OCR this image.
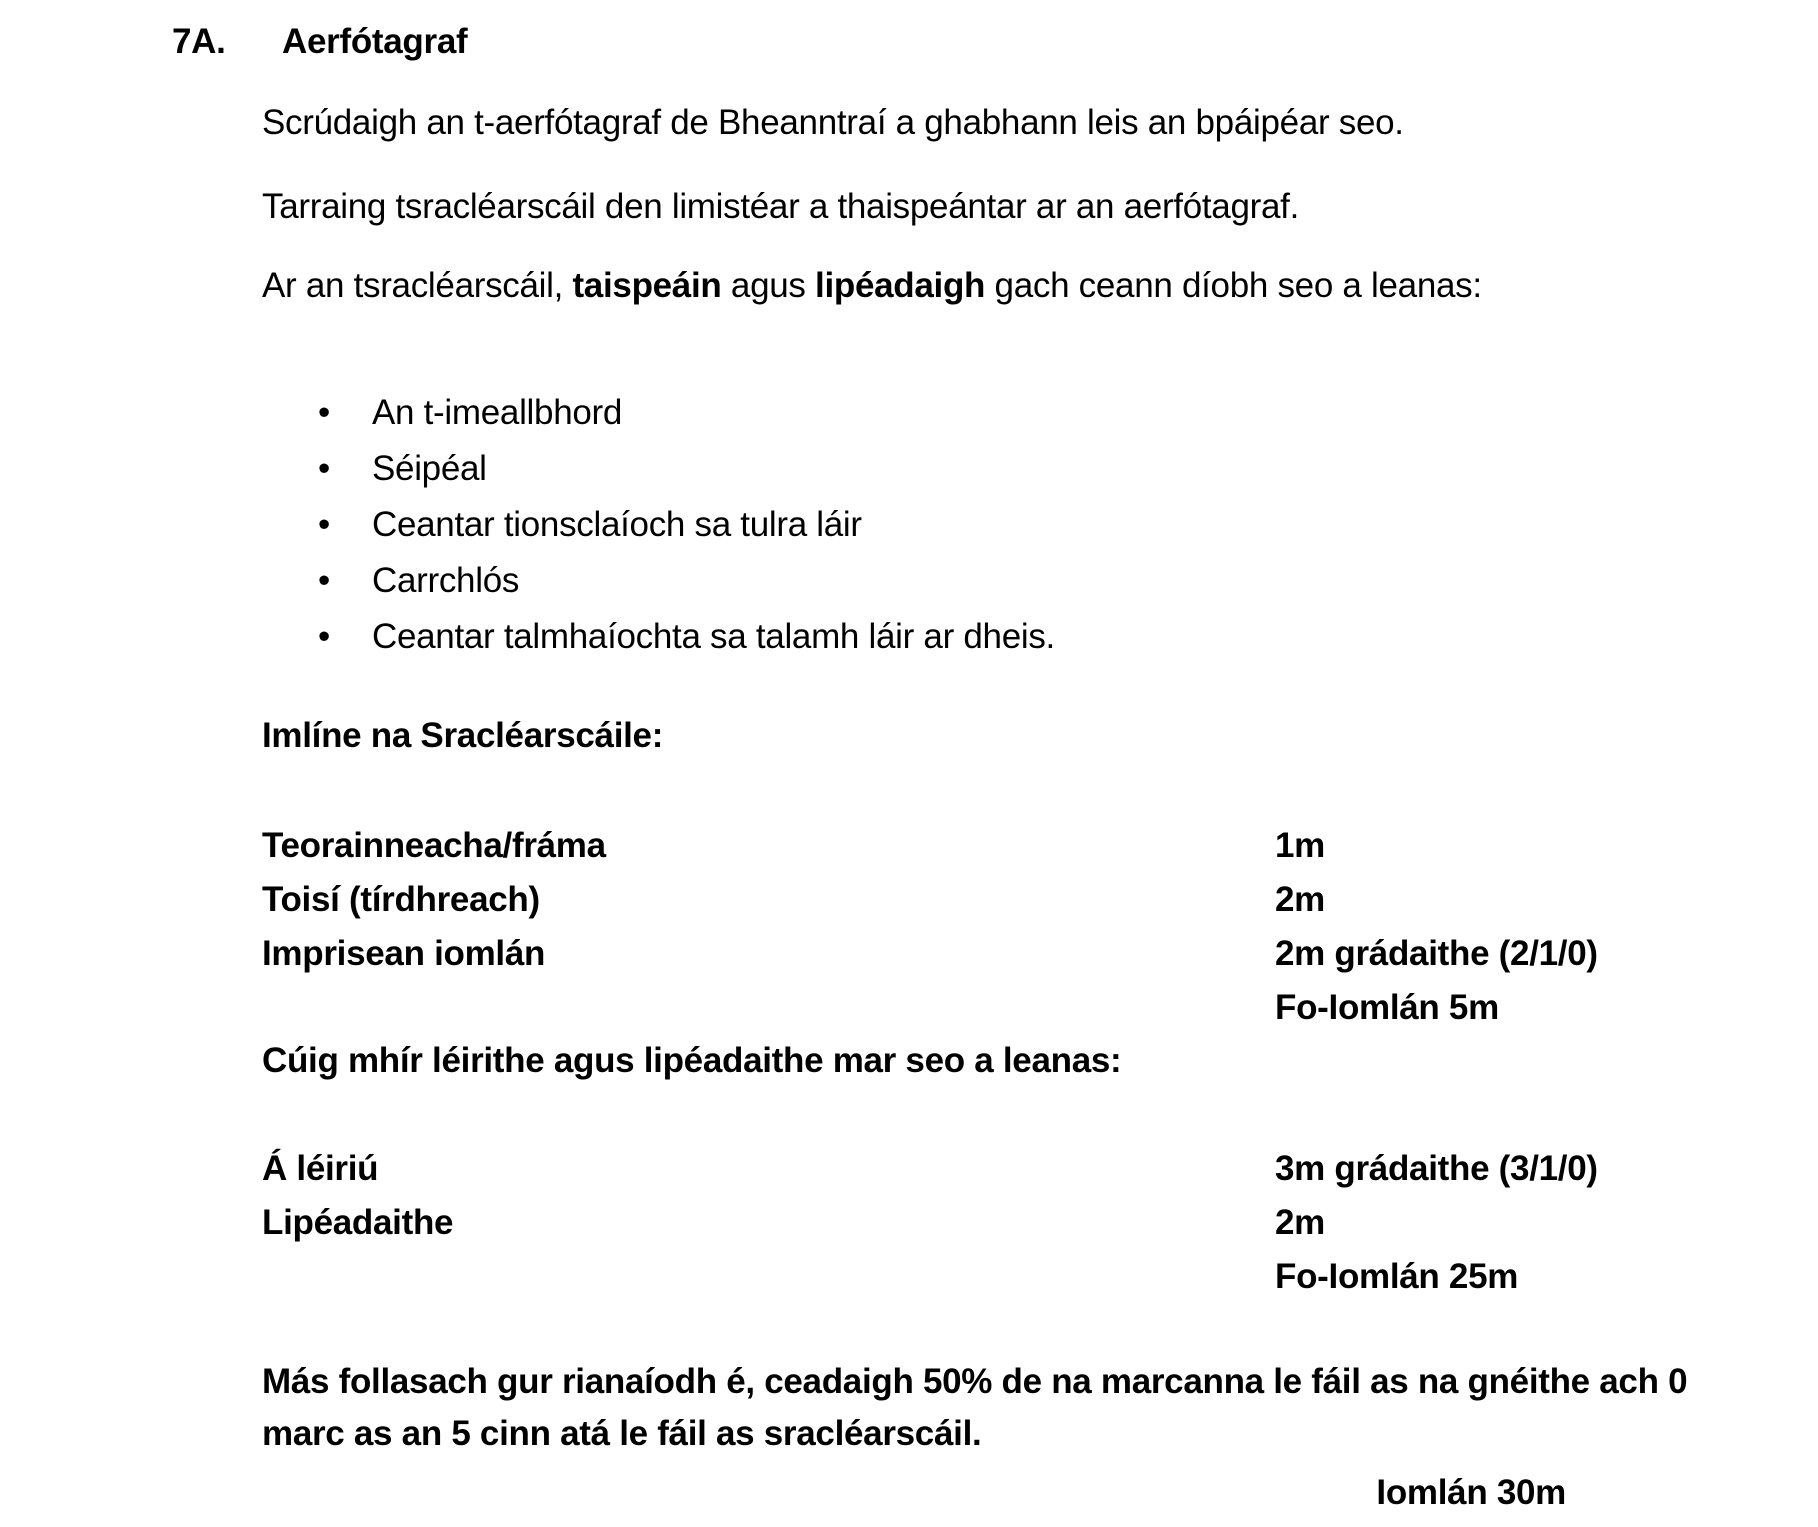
7A. Aerfótagraf
Scrúdaigh an t-aerfótagraf de Bheanntraí a ghabhann leis an bpáipéar seo.
Tarraing tsracléarscáil den limistéar a thaispeántar ar an aerfótagraf.
Ar an tsracléarscáil, taispeáin agus lipéadaigh gach ceann díobh seo a leanas:
•	An t-imeallbhord
•	Séipéal
•	Ceantar tionsclaíoch sa tulra láir
•	Carrchlós
•	Ceantar talmhaíochta sa talamh láir ar dheis.
Imlíne na Sracléarscáile:
Teorainneacha/fráma	1m
Toisí (tírdhreach)	2m
Imprisean iomlán	2m grádaithe (2/1/0)
Fo-Iomlán 5m
Cúig mhír léirithe agus lipéadaithe mar seo a leanas:
Á léiriú	3m grádaithe (3/1/0)
Lipéadaithe	2m
Fo-Iomlán 25m
Más follasach gur rianaíodh é, ceadaigh 50% de na marcanna le fáil as na gnéithe ach 0
marc as an 5 cinn atá le fáil as sracléarscáil.
Iomlán 30m
